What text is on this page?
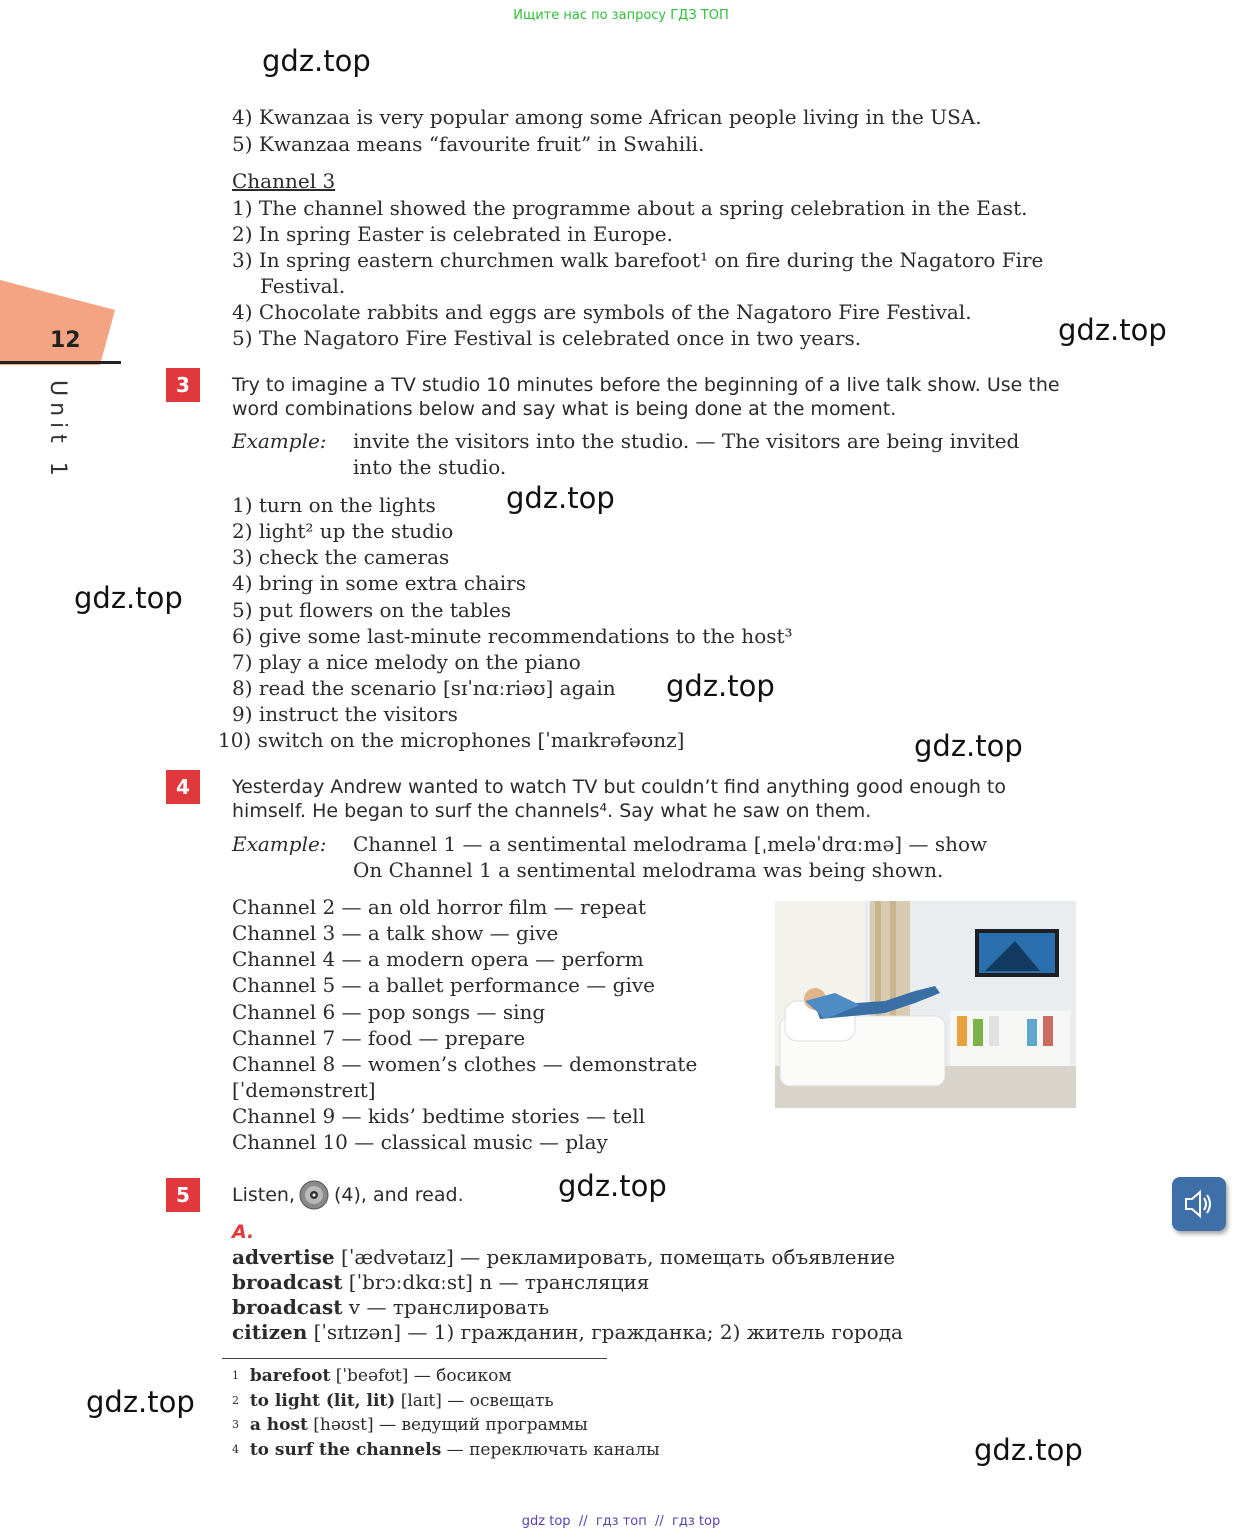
Ищите нас по запросу ГДЗ ТОП
12
Unit 1
gdz.top
gdz.top
gdz.top
gdz.top
gdz.top
gdz.top
gdz.top
gdz.top
gdz.top
4) Kwanzaa is very popular among some African people living in the USA.
5) Kwanzaa means “favourite fruit” in Swahili.
Channel 3
1) The channel showed the programme about a spring celebration in the East.
2) In spring Easter is celebrated in Europe.
3) In spring eastern churchmen walk barefoot¹ on fire during the Nagatoro Fire
Festival.
4) Chocolate rabbits and eggs are symbols of the Nagatoro Fire Festival.
5) The Nagatoro Fire Festival is celebrated once in two years.
3	Try to imagine a TV studio 10 minutes before the beginning of a live talk show. Use the
word combinations below and say what is being done at the moment.
Example: invite the visitors into the studio. — The visitors are being invited
into the studio.
1) turn on the lights
2) light² up the studio
3) check the cameras
4) bring in some extra chairs
5) put flowers on the tables
6) give some last-minute recommendations to the host³
7) play a nice melody on the piano
8) read the scenario [sɪˈnɑːriəʊ] again
9) instruct the visitors
10) switch on the microphones [ˈmaɪkrəfəʊnz]
4	Yesterday Andrew wanted to watch TV but couldn’t find anything good enough to
himself. He began to surf the channels⁴. Say what he saw on them.
Example: Channel 1 — a sentimental melodrama [ˌmeləˈdrɑːmə] — show
On Channel 1 a sentimental melodrama was being shown.
Channel 2 — an old horror film — repeat
Channel 3 — a talk show — give
Channel 4 — a modern opera — perform
Channel 5 — a ballet performance — give
Channel 6 — pop songs — sing
Channel 7 — food — prepare
Channel 8 — women’s clothes — demonstrate
[ˈdemənstreɪt]
Channel 9 — kids’ bedtime stories — tell
Channel 10 — classical music — play
5	Listen, (4), and read.
A.
advertise [ˈædvətaɪz] — рекламировать, помещать объявление
broadcast [ˈbrɔːdkɑːst] n — трансляция
broadcast v — транслировать
citizen [ˈsɪtɪzən] — 1) гражданин, гражданка; 2) житель города
$^1$ barefoot [ˈbeəfʊt] — босиком
$^2$ to light (lit, lit) [laɪt] — освещать
$^3$ a host [həʊst] — ведущий программы
$^4$ to surf the channels — переключать каналы
gdz top  //  гдз топ  //  гдз top
